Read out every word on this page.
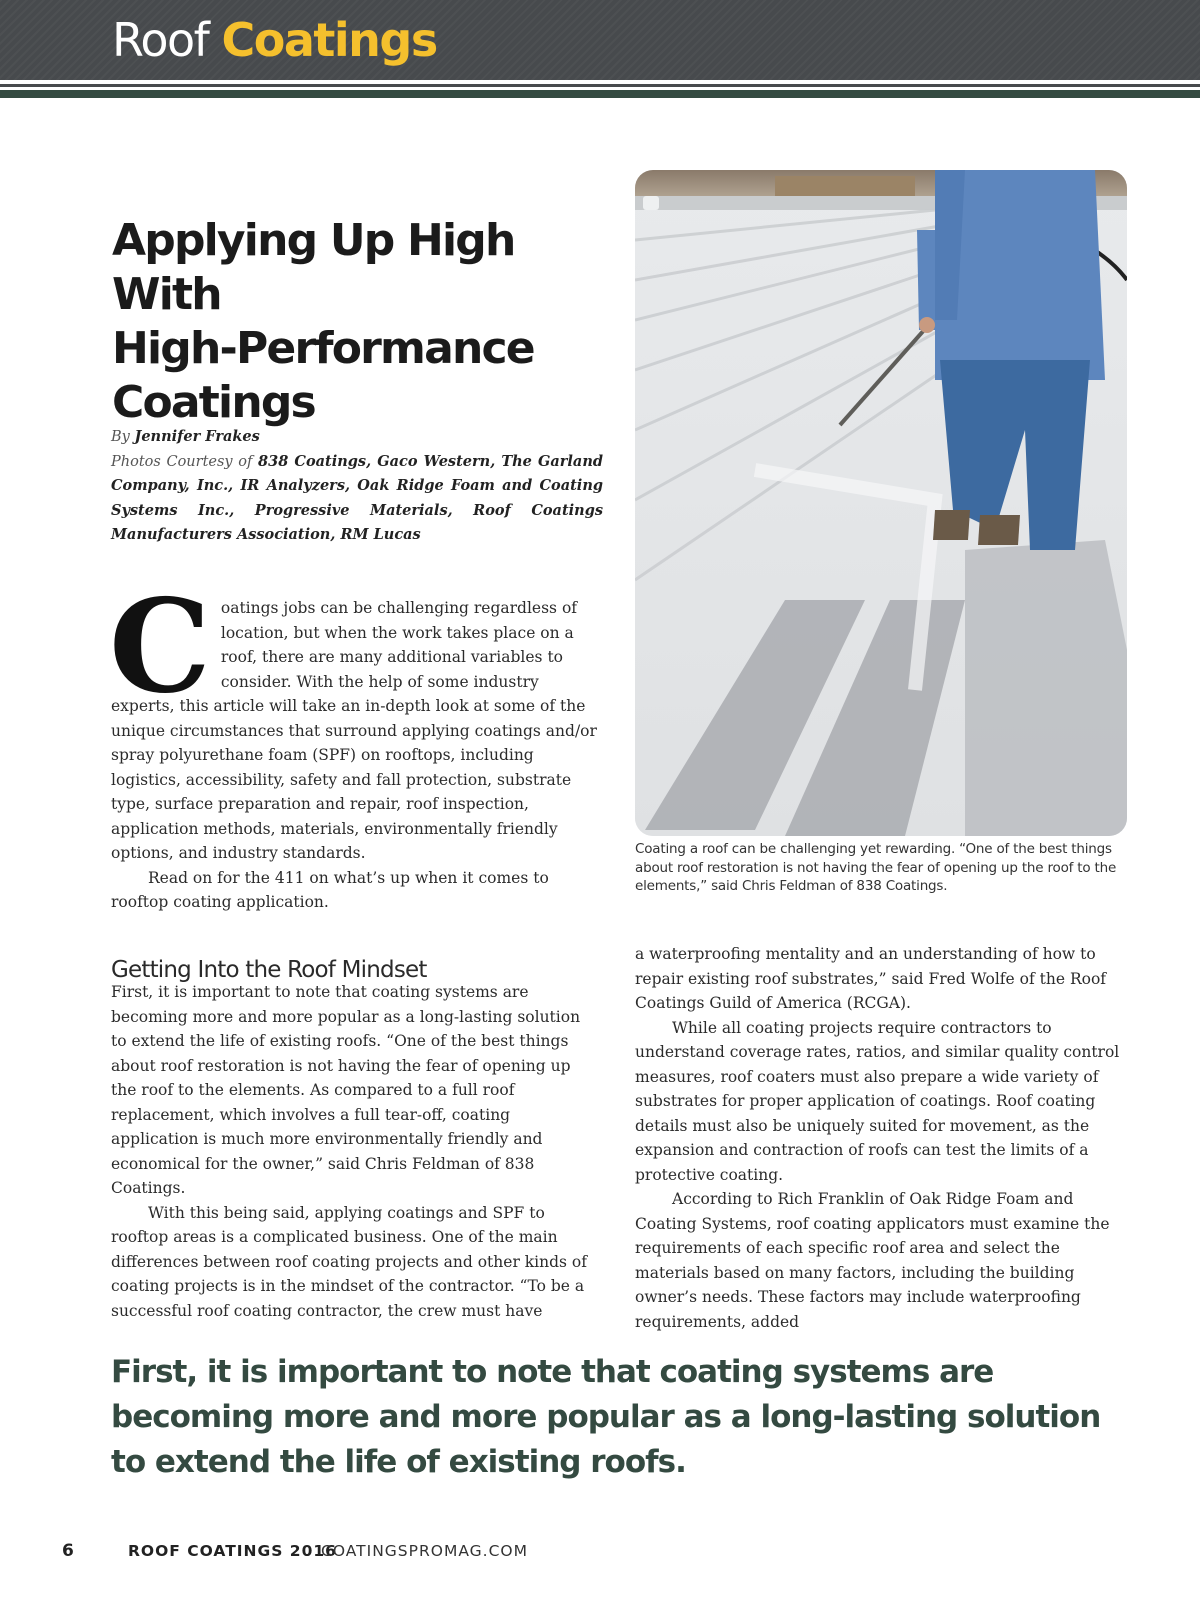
Roof Coatings
Applying Up High With
High-Performance
Coatings
By Jennifer Frakes
Photos Courtesy of 838 Coatings, Gaco Western, The Garland Company, Inc., IR Analyzers, Oak Ridge Foam and Coating Systems Inc., Progressive Materials, Roof Coatings Manufacturers Association, RM Lucas
C oatings jobs can be challenging regardless of location, but when the work takes place on a roof, there are many additional variables to consider. With the help of some industry experts, this article will take an in-depth look at some of the unique circumstances that surround applying coatings and/or spray polyurethane foam (SPF) on rooftops, including logistics, accessibility, safety and fall protection, substrate type, surface preparation and repair, roof inspection, application methods, materials, environmentally friendly options, and industry standards.

Read on for the 411 on what’s up when it comes to rooftop coating application.

Getting Into the Roof Mindset

First, it is important to note that coating systems are becoming more and more popular as a long-lasting solution to extend the life of existing roofs. “One of the best things about roof restoration is not having the fear of opening up the roof to the elements. As compared to a full roof replacement, which involves a full tear-off, coating application is much more environmentally friendly and economical for the owner,” said Chris Feldman of 838 Coatings.

With this being said, applying coatings and SPF to rooftop areas is a complicated business. One of the main differences between roof coating projects and other kinds of coating projects is in the mindset of the contractor. “To be a successful roof coating contractor, the crew must have

a waterproofing mentality and an understanding of how to repair existing roof substrates,” said Fred Wolfe of the Roof Coatings Guild of America (RCGA).

While all coating projects require contractors to understand coverage rates, ratios, and similar quality control measures, roof coaters must also prepare a wide variety of substrates for proper application of coatings. Roof coating details must also be uniquely suited for movement, as the expansion and contraction of roofs can test the limits of a protective coating.

According to Rich Franklin of Oak Ridge Foam and Coating Systems, roof coating applicators must examine the requirements of each specific roof area and select the materials based on many factors, including the building owner’s needs. These factors may include waterproofing requirements, added

Coating a roof can be challenging yet rewarding. “One of the best things about roof restoration is not having the fear of opening up the roof to the elements,” said Chris Feldman of 838 Coatings.

First, it is important to note that coating systems are becoming more and more popular as a long-lasting solution to extend the life of existing roofs.

6	ROOF COATINGS 2016
COATINGSPROMAG.COM
